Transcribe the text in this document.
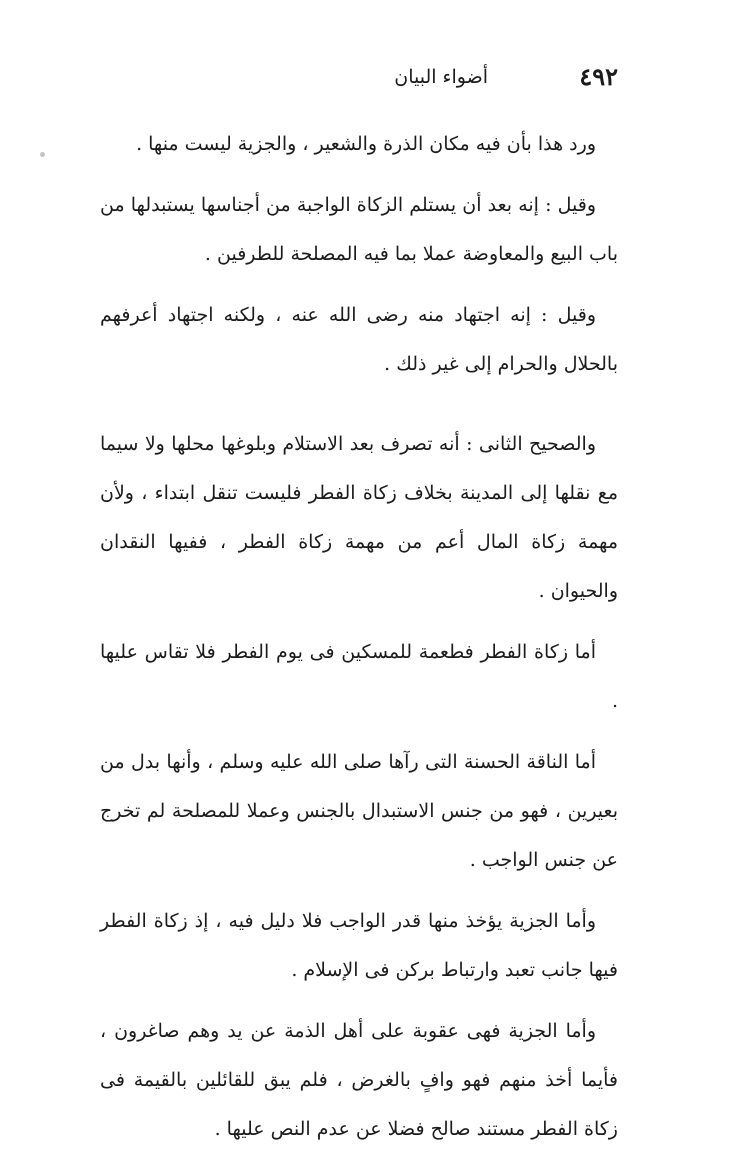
٤٩٢
أضواء البيان

ورد هذا بأن فيه مكان الذرة والشعير ، والجزية ليست منها .

وقيل : إنه بعد أن يستلم الزكاة الواجبة من أجناسها يستبدلها من باب البيع والمعاوضة عملا بما فيه المصلحة للطرفين .

وقيل : إنه اجتهاد منه رضى الله عنه ، ولكنه اجتهاد أعرفهم بالحلال والحرام إلى غير ذلك .

والصحيح الثانى : أنه تصرف بعد الاستلام وبلوغها محلها ولا سيما مع نقلها إلى المدينة بخلاف زكاة الفطر فليست تنقل ابتداء ، ولأن مهمة زكاة المال أعم من مهمة زكاة الفطر ، ففيها النقدان والحيوان .

أما زكاة الفطر فطعمة للمسكين فى يوم الفطر فلا تقاس عليها .

أما الناقة الحسنة التى رآها صلى الله عليه وسلم ، وأنها بدل من بعيرين ، فهو من جنس الاستبدال بالجنس وعملا للمصلحة لم تخرج عن جنس الواجب .

وأما الجزية يؤخذ منها قدر الواجب فلا دليل فيه ، إذ زكاة الفطر فيها جانب تعبد وارتباط بركن فى الإسلام .

وأما الجزية فهى عقوبة على أهل الذمة عن يد وهم صاغرون ، فأيما أخذ منهم فهو وافٍ بالغرض ، فلم يبق للقائلين بالقيمة فى زكاة الفطر مستند صالح فضلا عن عدم النص عليها .
